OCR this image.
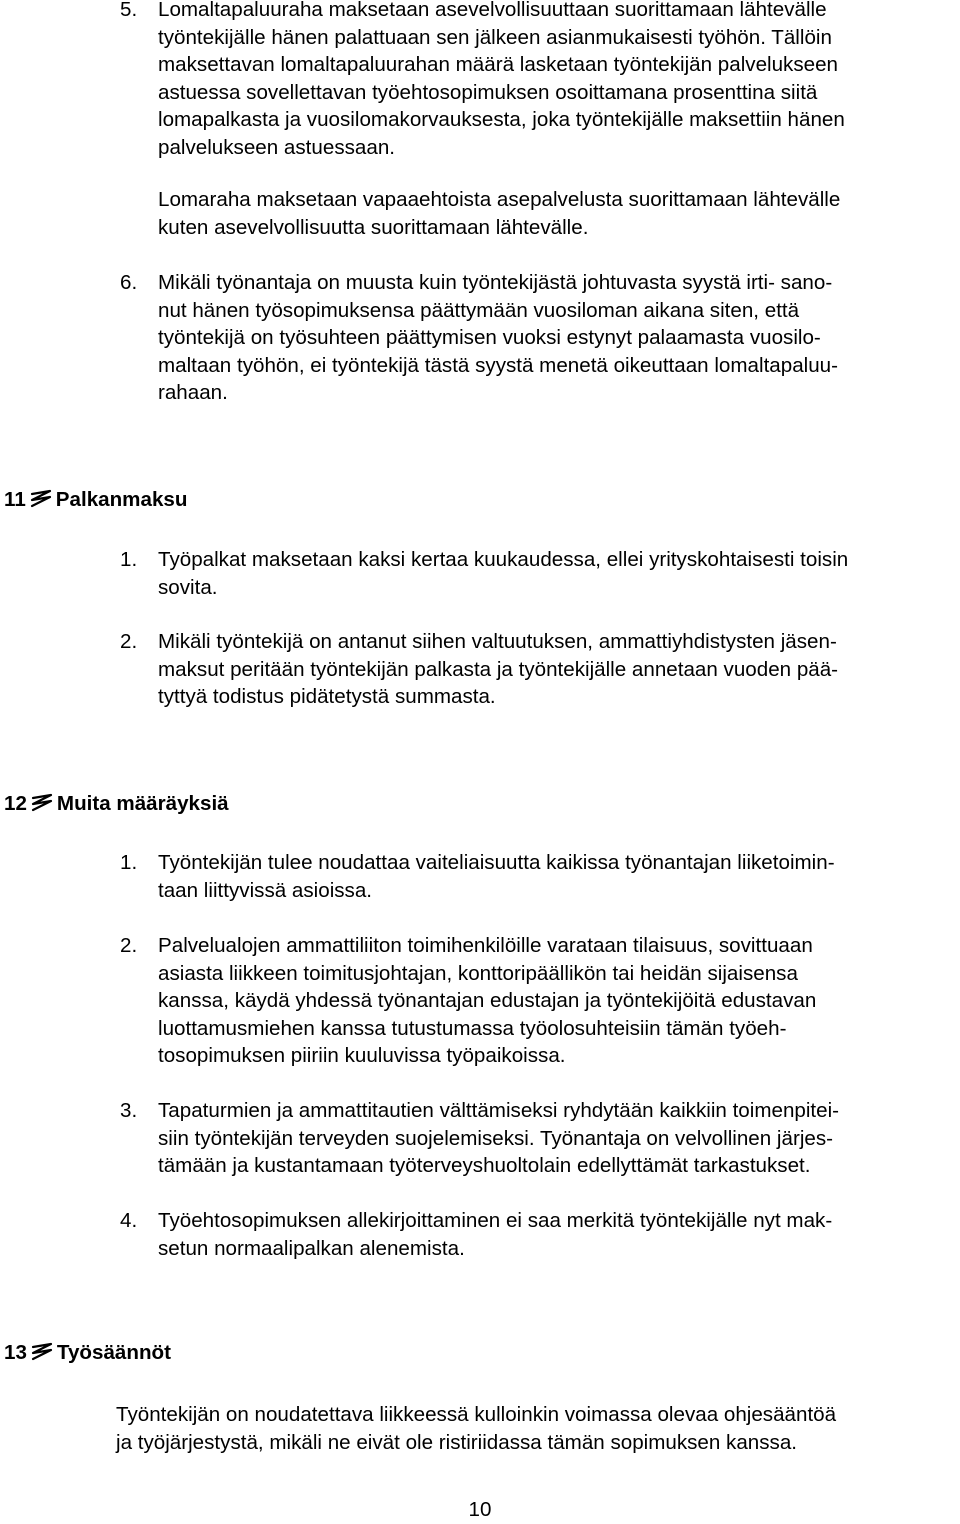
5. Lomaltapaluuraha maksetaan asevelvollisuuttaan suorittamaan lähtevälle
työntekijälle hänen palattuaan sen jälkeen asianmukaisesti työhön. Tällöin
maksettavan lomaltapaluurahan määrä lasketaan työntekijän palvelukseen
astuessa sovellettavan työehtosopimuksen osoittamana prosenttina siitä
lomapalkasta ja vuosilomakorvauksesta, joka työntekijälle maksettiin hänen
palvelukseen astuessaan.
Lomaraha maksetaan vapaaehtoista asepalvelusta suorittamaan lähtevälle
kuten asevelvollisuutta suorittamaan lähtevälle.
6. Mikäli työnantaja on muusta kuin työntekijästä johtuvasta syystä irti- sano-
nut hänen työsopimuksensa päättymään vuosiloman aikana siten, että
työntekijä on työsuhteen päättymisen vuoksi estynyt palaamasta vuosilo-
maltaan työhön, ei työntekijä tästä syystä menetä oikeuttaan lomaltapaluu-
rahaan.
11 Palkanmaksu
1. Työpalkat maksetaan kaksi kertaa kuukaudessa, ellei yrityskohtaisesti toisin
sovita.
2. Mikäli työntekijä on antanut siihen valtuutuksen, ammattiyhdistysten jäsen-
maksut peritään työntekijän palkasta ja työntekijälle annetaan vuoden pää-
tyttyä todistus pidätetystä summasta.
12 Muita määräyksiä
1. Työntekijän tulee noudattaa vaiteliaisuutta kaikissa työnantajan liiketoimin-
taan liittyvissä asioissa.
2. Palvelualojen ammattiliiton toimihenkilöille varataan tilaisuus, sovittuaan
asiasta liikkeen toimitusjohtajan, konttoripäällikön tai heidän sijaisensa
kanssa, käydä yhdessä työnantajan edustajan ja työntekijöitä edustavan
luottamusmiehen kanssa tutustumassa työolosuhteisiin tämän työeh-
tosopimuksen piiriin kuuluvissa työpaikoissa.
3. Tapaturmien ja ammattitautien välttämiseksi ryhdytään kaikkiin toimenpitei-
siin työntekijän terveyden suojelemiseksi. Työnantaja on velvollinen järjes-
tämään ja kustantamaan työterveyshuoltolain edellyttämät tarkastukset.
4. Työehtosopimuksen allekirjoittaminen ei saa merkitä työntekijälle nyt mak-
setun normaalipalkan alenemista.
13 Työsäännöt
Työntekijän on noudatettava liikkeessä kulloinkin voimassa olevaa ohjesääntöä
ja työjärjestystä, mikäli ne eivät ole ristiriidassa tämän sopimuksen kanssa.
10
